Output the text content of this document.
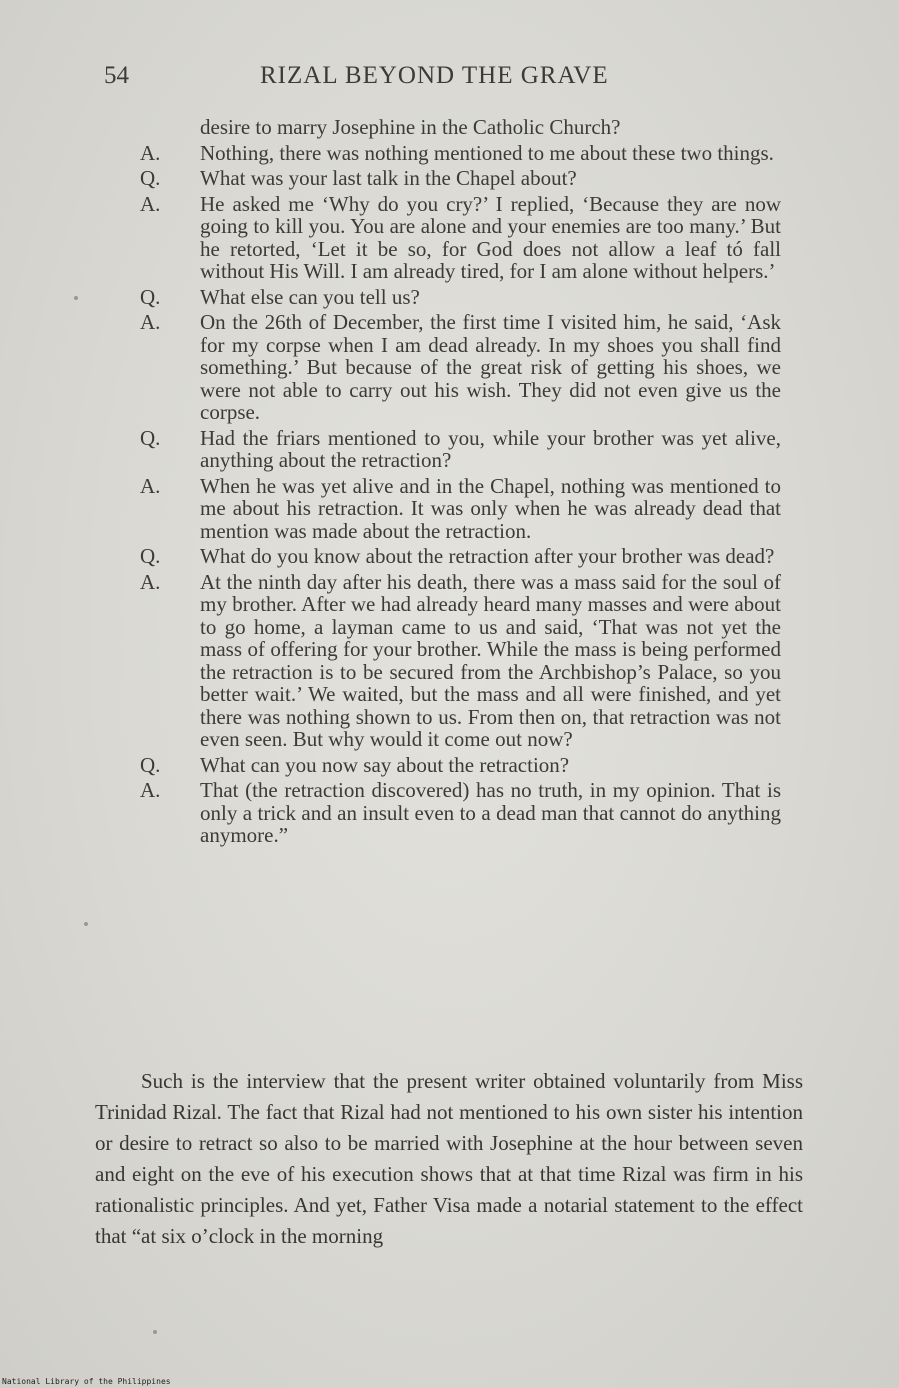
54	RIZAL BEYOND THE GRAVE
desire to marry Josephine in the Catholic Church?
A.	Nothing, there was nothing mentioned to me about these two things.
Q.	What was your last talk in the Chapel about?
A.	He asked me ‘Why do you cry?’ I replied, ‘Because they are now going to kill you. You are alone and your enemies are too many.’ But he retorted, ‘Let it be so, for God does not allow a leaf tó fall without His Will. I am already tired, for I am alone without helpers.’
Q.	What else can you tell us?
A.	On the 26th of December, the first time I visited him, he said, ‘Ask for my corpse when I am dead already. In my shoes you shall find something.’ But because of the great risk of getting his shoes, we were not able to carry out his wish. They did not even give us the corpse.
Q.	Had the friars mentioned to you, while your brother was yet alive, anything about the retraction?
A.	When he was yet alive and in the Chapel, nothing was mentioned to me about his retraction. It was only when he was already dead that mention was made about the retraction.
Q.	What do you know about the retraction after your brother was dead?
A.	At the ninth day after his death, there was a mass said for the soul of my brother. After we had already heard many masses and were about to go home, a layman came to us and said, ‘That was not yet the mass of offering for your brother. While the mass is being performed the retraction is to be secured from the Archbishop’s Palace, so you better wait.’ We waited, but the mass and all were finished, and yet there was nothing shown to us. From then on, that retraction was not even seen. But why would it come out now?
Q.	What can you now say about the retraction?
A.	That (the retraction discovered) has no truth, in my opinion. That is only a trick and an insult even to a dead man that cannot do anything anymore.”
Such is the interview that the present writer obtained voluntarily from Miss Trinidad Rizal. The fact that Rizal had not mentioned to his own sister his intention or desire to retract so also to be married with Josephine at the hour between seven and eight on the eve of his execution shows that at that time Rizal was firm in his rationalistic principles. And yet, Father Visa made a notarial statement to the effect that “at six o’clock in the morning
National Library of the Philippines
